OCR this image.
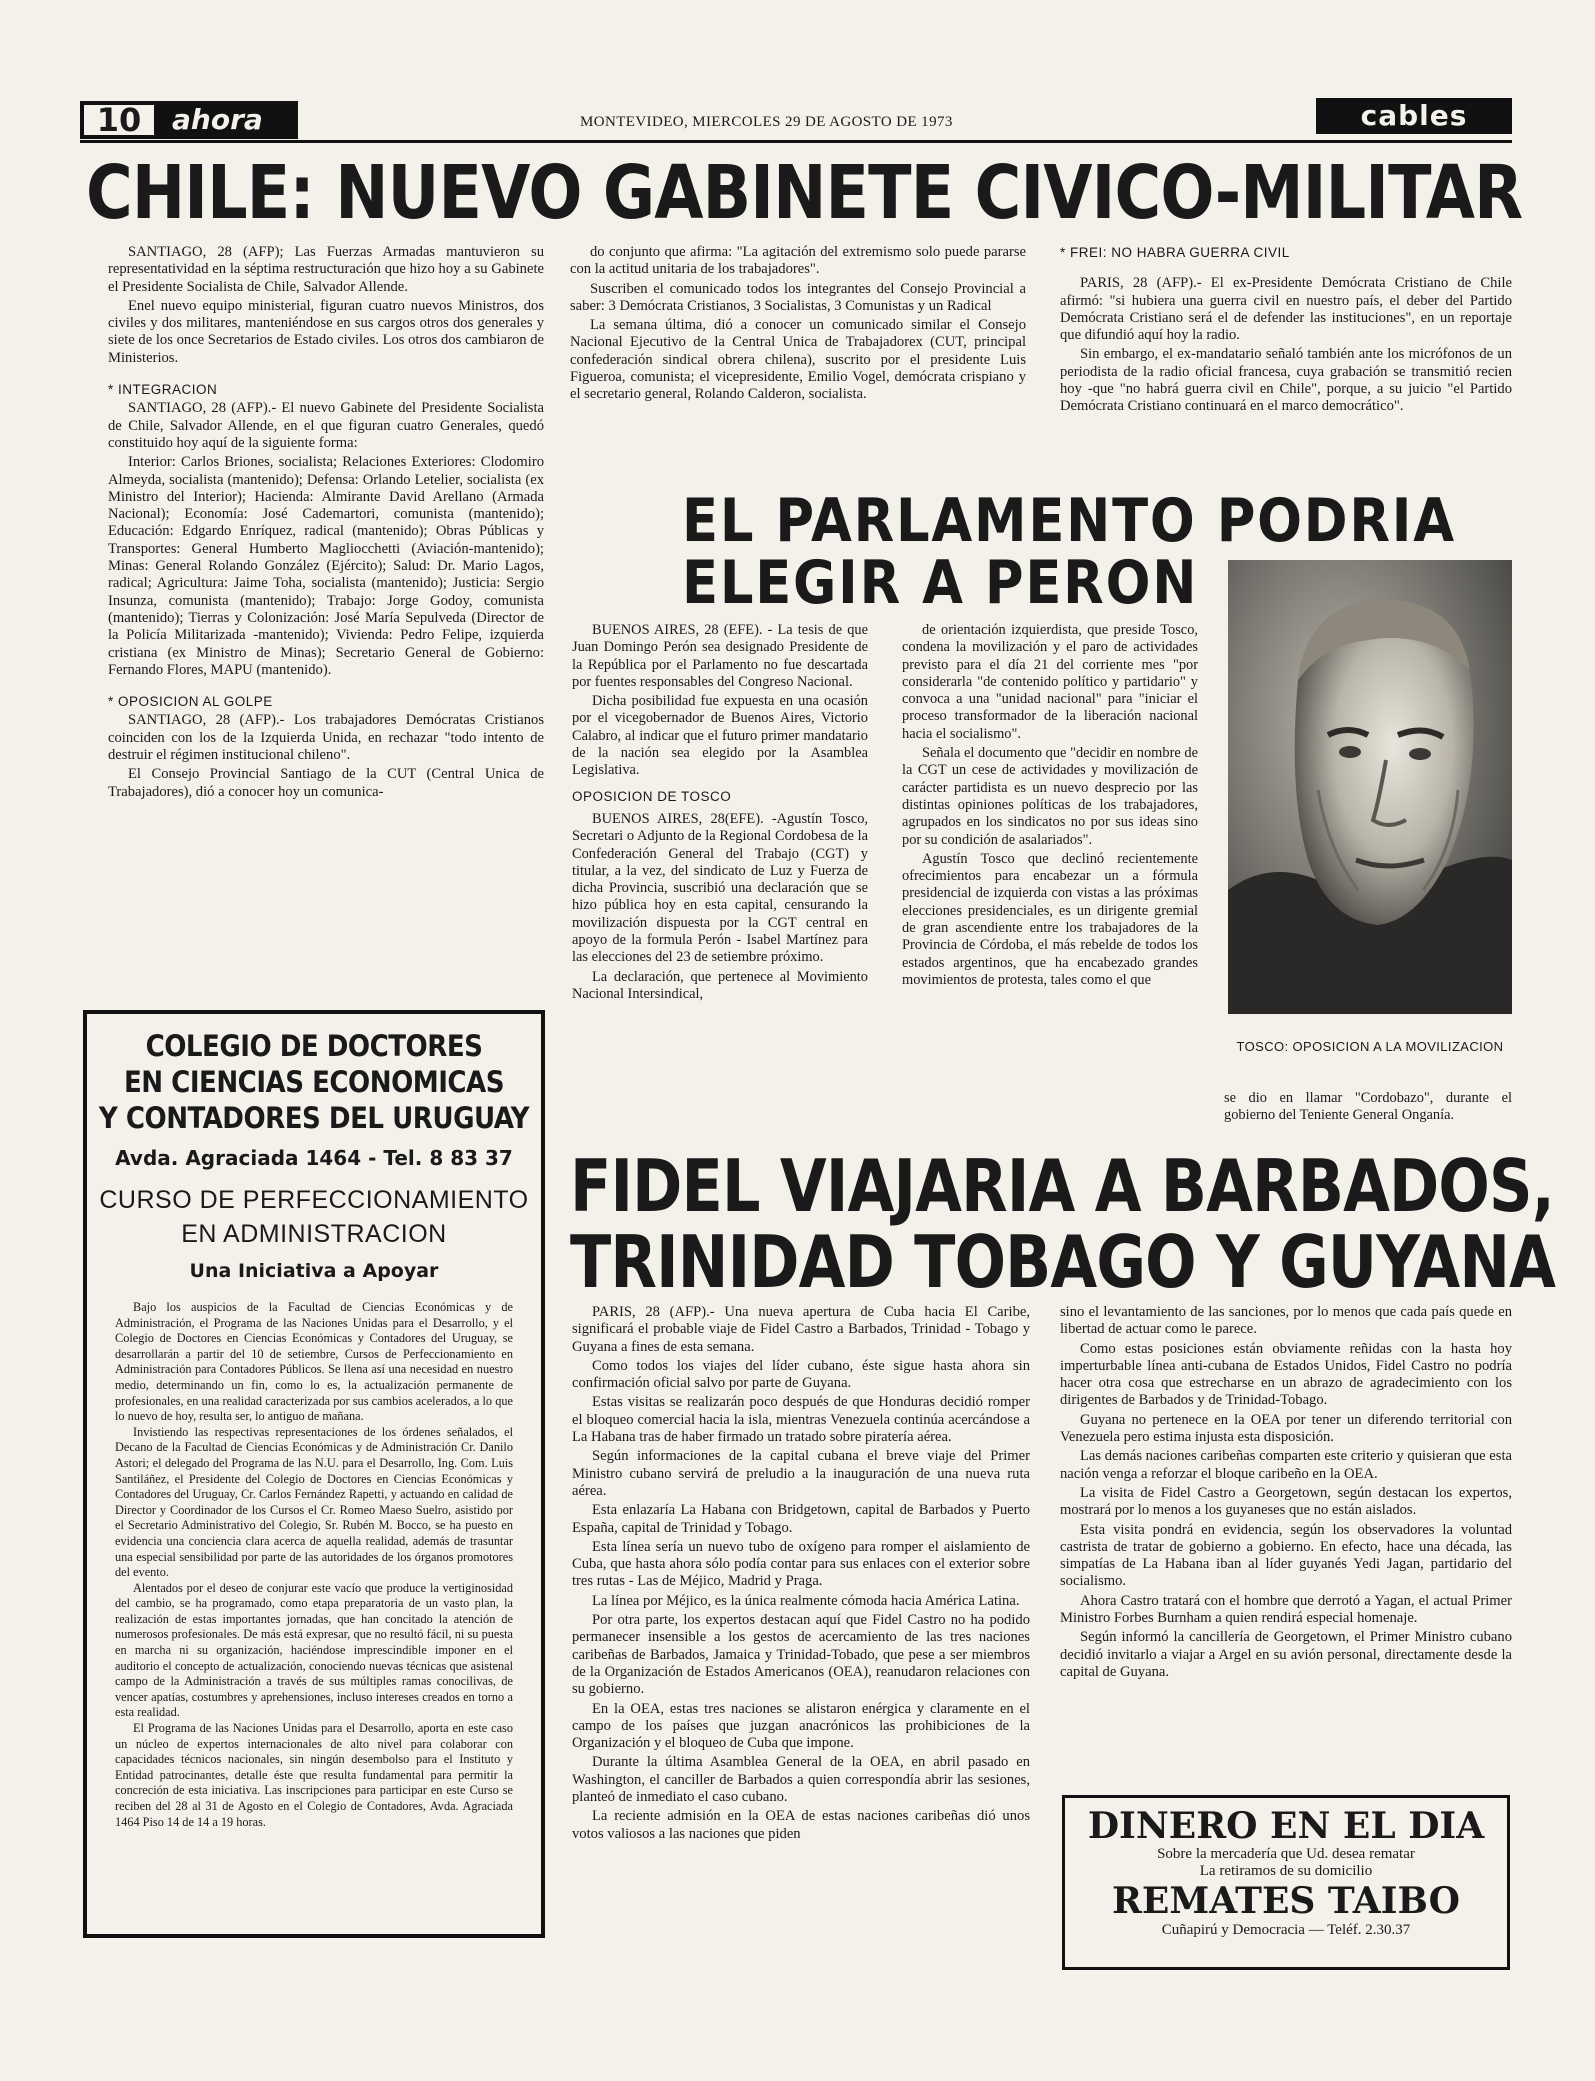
10	ahora	MONTEVIDEO, MIERCOLES 29 DE AGOSTO DE 1973	cables
CHILE: NUEVO GABINETE CIVICO-MILITAR

SANTIAGO, 28 (AFP); Las Fuerzas Armadas mantuvieron su representatividad en la séptima restructuración que hizo hoy a su Gabinete el Presidente Socialista de Chile, Salvador Allende.

Enel nuevo equipo ministerial, figuran cuatro nuevos Ministros, dos civiles y dos militares, manteniéndose en sus cargos otros dos generales y siete de los once Secretarios de Estado civiles. Los otros dos cambiaron de Ministerios.

* INTEGRACION

SANTIAGO, 28 (AFP).- El nuevo Gabinete del Presidente Socialista de Chile, Salvador Allende, en el que figuran cuatro Generales, quedó constituido hoy aquí de la siguiente forma:

Interior: Carlos Briones, socialista; Relaciones Exteriores: Clodomiro Almeyda, socialista (mantenido); Defensa: Orlando Letelier, socialista (ex Ministro del Interior); Hacienda: Almirante David Arellano (Armada Nacional); Economía: José Cademartori, comunista (mantenido); Educación: Edgardo Enríquez, radical (mantenido); Obras Públicas y Transportes: General Humberto Magliocchetti (Aviación-mantenido); Minas: General Rolando González (Ejército); Salud: Dr. Mario Lagos, radical; Agricultura: Jaime Toha, socialista (mantenido); Justicia: Sergio Insunza, comunista (mantenido); Trabajo: Jorge Godoy, comunista (mantenido); Tierras y Colonización: José María Sepulveda (Director de la Policía Militarizada -mantenido); Vivienda: Pedro Felipe, izquierda cristiana (ex Ministro de Minas); Secretario General de Gobierno: Fernando Flores, MAPU (mantenido).

* OPOSICION AL GOLPE

SANTIAGO, 28 (AFP).- Los trabajadores Demócratas Cristianos coinciden con los de la Izquierda Unida, en rechazar "todo intento de destruir el régimen institucional chileno".

El Consejo Provincial Santiago de la CUT (Central Unica de Trabajadores), dió a conocer hoy un comunica-

do conjunto que afirma: "La agitación del extremismo solo puede pararse con la actitud unitaria de los trabajadores".

Suscriben el comunicado todos los integrantes del Consejo Provincial a saber: 3 Demócrata Cristianos, 3 Socialistas, 3 Comunistas y un Radical

La semana última, dió a conocer un comunicado similar el Consejo Nacional Ejecutivo de la Central Unica de Trabajadorex (CUT, principal confederación sindical obrera chilena), suscrito por el presidente Luis Figueroa, comunista; el vicepresidente, Emilio Vogel, demócrata crispiano y el secretario general, Rolando Calderon, socialista.

* FREI: NO HABRA GUERRA CIVIL

PARIS, 28 (AFP).- El ex-Presidente Demócrata Cristiano de Chile afirmó: "si hubiera una guerra civil en nuestro país, el deber del Partido Demócrata Cristiano será el de defender las instituciones", en un reportaje que difundió aquí hoy la radio.

Sin embargo, el ex-mandatario señaló también ante los micrófonos de un periodista de la radio oficial francesa, cuya grabación se transmitió recien hoy -que "no habrá guerra civil en Chile", porque, a su juicio "el Partido Demócrata Cristiano continuará en el marco democrático".

EL PARLAMENTO PODRIA
ELEGIR A PERON

BUENOS AIRES, 28 (EFE). - La tesis de que Juan Domingo Perón sea designado Presidente de la República por el Parlamento no fue descartada por fuentes responsables del Congreso Nacional.

Dicha posibilidad fue expuesta en una ocasión por el vicegobernador de Buenos Aires, Victorio Calabro, al indicar que el futuro primer mandatario de la nación sea elegido por la Asamblea Legislativa.

OPOSICION DE TOSCO

BUENOS AIRES, 28(EFE). -Agustín Tosco, Secretari o Adjunto de la Regional Cordobesa de la Confederación General del Trabajo (CGT) y titular, a la vez, del sindicato de Luz y Fuerza de dicha Provincia, suscribió una declaración que se hizo pública hoy en esta capital, censurando la movilización dispuesta por la CGT central en apoyo de la formula Perón - Isabel Martínez para las elecciones del 23 de setiembre próximo.

La declaración, que pertenece al Movimiento Nacional Intersindical,

de orientación izquierdista, que preside Tosco, condena la movilización y el paro de actividades previsto para el día 21 del corriente mes "por considerarla "de contenido político y partidario" y convoca a una "unidad nacional" para "iniciar el proceso transformador de la liberación nacional hacia el socialismo".

Señala el documento que "decidir en nombre de la CGT un cese de actividades y movilización de carácter partidista es un nuevo desprecio por las distintas opiniones políticas de los trabajadores, agrupados en los sindicatos no por sus ideas sino por su condición de asalariados".

Agustín Tosco que declinó recientemente ofrecimientos para encabezar un a fórmula presidencial de izquierda con vistas a las próximas elecciones presidenciales, es un dirigente gremial de gran ascendiente entre los trabajadores de la Provincia de Córdoba, el más rebelde de todos los estados argentinos, que ha encabezado grandes movimientos de protesta, tales como el que

TOSCO: OPOSICION A LA MOVILIZACION

se dio en llamar "Cordobazo", durante el gobierno del Teniente General Onganía.

FIDEL VIAJARIA A BARBADOS,
TRINIDAD TOBAGO Y GUYANA

PARIS, 28 (AFP).- Una nueva apertura de Cuba hacia El Caribe, significará el probable viaje de Fidel Castro a Barbados, Trinidad - Tobago y Guyana a fines de esta semana.

Como todos los viajes del líder cubano, éste sigue hasta ahora sin confirmación oficial salvo por parte de Guyana.

Estas visitas se realizarán poco después de que Honduras decidió romper el bloqueo comercial hacia la isla, mientras Venezuela continúa acercándose a La Habana tras de haber firmado un tratado sobre piratería aérea.

Según informaciones de la capital cubana el breve viaje del Primer Ministro cubano servirá de preludio a la inauguración de una nueva ruta aérea.

Esta enlazaría La Habana con Bridgetown, capital de Barbados y Puerto España, capital de Trinidad y Tobago.

Esta línea sería un nuevo tubo de oxígeno para romper el aislamiento de Cuba, que hasta ahora sólo podía contar para sus enlaces con el exterior sobre tres rutas - Las de Méjico, Madrid y Praga.

La línea por Méjico, es la única realmente cómoda hacia América Latina.

Por otra parte, los expertos destacan aquí que Fidel Castro no ha podido permanecer insensible a los gestos de acercamiento de las tres naciones caribeñas de Barbados, Jamaica y Trinidad-Tobado, que pese a ser miembros de la Organización de Estados Americanos (OEA), reanudaron relaciones con su gobierno.

En la OEA, estas tres naciones se alistaron enérgica y claramente en el campo de los países que juzgan anacrónicos las prohibiciones de la Organización y el bloqueo de Cuba que impone.

Durante la última Asamblea General de la OEA, en abril pasado en Washington, el canciller de Barbados a quien correspondía abrir las sesiones, planteó de inmediato el caso cubano.

La reciente admisión en la OEA de estas naciones caribeñas dió unos votos valiosos a las naciones que piden

sino el levantamiento de las sanciones, por lo menos que cada país quede en libertad de actuar como le parece.

Como estas posiciones están obviamente reñidas con la hasta hoy imperturbable línea anti-cubana de Estados Unidos, Fidel Castro no podría hacer otra cosa que estrecharse en un abrazo de agradecimiento con los dirigentes de Barbados y de Trinidad-Tobago.

Guyana no pertenece en la OEA por tener un diferendo territorial con Venezuela pero estima injusta esta disposición.

Las demás naciones caribeñas comparten este criterio y quisieran que esta nación venga a reforzar el bloque caribeño en la OEA.

La visita de Fidel Castro a Georgetown, según destacan los expertos, mostrará por lo menos a los guyaneses que no están aislados.

Esta visita pondrá en evidencia, según los observadores la voluntad castrista de tratar de gobierno a gobierno. En efecto, hace una década, las simpatías de La Habana iban al líder guyanés Yedi Jagan, partidario del socialismo.

Ahora Castro tratará con el hombre que derrotó a Yagan, el actual Primer Ministro Forbes Burnham a quien rendirá especial homenaje.

Según informó la cancillería de Georgetown, el Primer Ministro cubano decidió invitarlo a viajar a Argel en su avión personal, directamente desde la capital de Guyana.

COLEGIO DE DOCTORES
EN CIENCIAS ECONOMICAS
Y CONTADORES DEL URUGUAY
Avda. Agraciada 1464 - Tel. 8 83 37
CURSO DE PERFECCIONAMIENTO
EN ADMINISTRACION
Una Iniciativa a Apoyar

Bajo los auspicios de la Facultad de Ciencias Económicas y de Administración, el Programa de las Naciones Unidas para el Desarrollo, y el Colegio de Doctores en Ciencias Económicas y Contadores del Uruguay, se desarrollarán a partir del 10 de setiembre, Cursos de Perfeccionamiento en Administración para Contadores Públicos. Se llena así una necesidad en nuestro medio, determinando un fin, como lo es, la actualización permanente de profesionales, en una realidad caracterizada por sus cambios acelerados, a lo que lo nuevo de hoy, resulta ser, lo antiguo de mañana.

Invistiendo las respectivas representaciones de los órdenes señalados, el Decano de la Facultad de Ciencias Económicas y de Administración Cr. Danilo Astori; el delegado del Programa de las N.U. para el Desarrollo, Ing. Com. Luis Santiláñez, el Presidente del Colegio de Doctores en Ciencias Económicas y Contadores del Uruguay, Cr. Carlos Fernández Rapetti, y actuando en calidad de Director y Coordinador de los Cursos el Cr. Romeo Maeso Suelro, asistido por el Secretario Administrativo del Colegio, Sr. Rubén M. Bocco, se ha puesto en evidencia una conciencia clara acerca de aquella realidad, además de trasuntar una especial sensibilidad por parte de las autoridades de los órganos promotores del evento.

Alentados por el deseo de conjurar este vacío que produce la vertiginosidad del cambio, se ha programado, como etapa preparatoria de un vasto plan, la realización de estas importantes jornadas, que han concitado la atención de numerosos profesionales. De más está expresar, que no resultó fácil, ni su puesta en marcha ni su organización, haciéndose imprescindible imponer en el auditorio el concepto de actualización, conociendo nuevas técnicas que asistenal campo de la Administración a través de sus múltiples ramas conocilivas, de vencer apatías, costumbres y aprehensiones, incluso intereses creados en torno a esta realidad.

El Programa de las Naciones Unidas para el Desarrollo, aporta en este caso un núcleo de expertos internacionales de alto nivel para colaborar con capacidades técnicos nacionales, sin ningún desembolso para el Instituto y Entidad patrocinantes, detalle éste que resulta fundamental para permitir la concreción de esta iniciativa. Las inscripciones para participar en este Curso se reciben del 28 al 31 de Agosto en el Colegio de Contadores, Avda. Agraciada 1464 Piso 14 de 14 a 19 horas.	DINERO EN EL DIA
Sobre la mercadería que Ud. desea rematar
La retiramos de su domicilio
REMATES TAIBO
Cuñapirú y Democracia — Teléf. 2.30.37
